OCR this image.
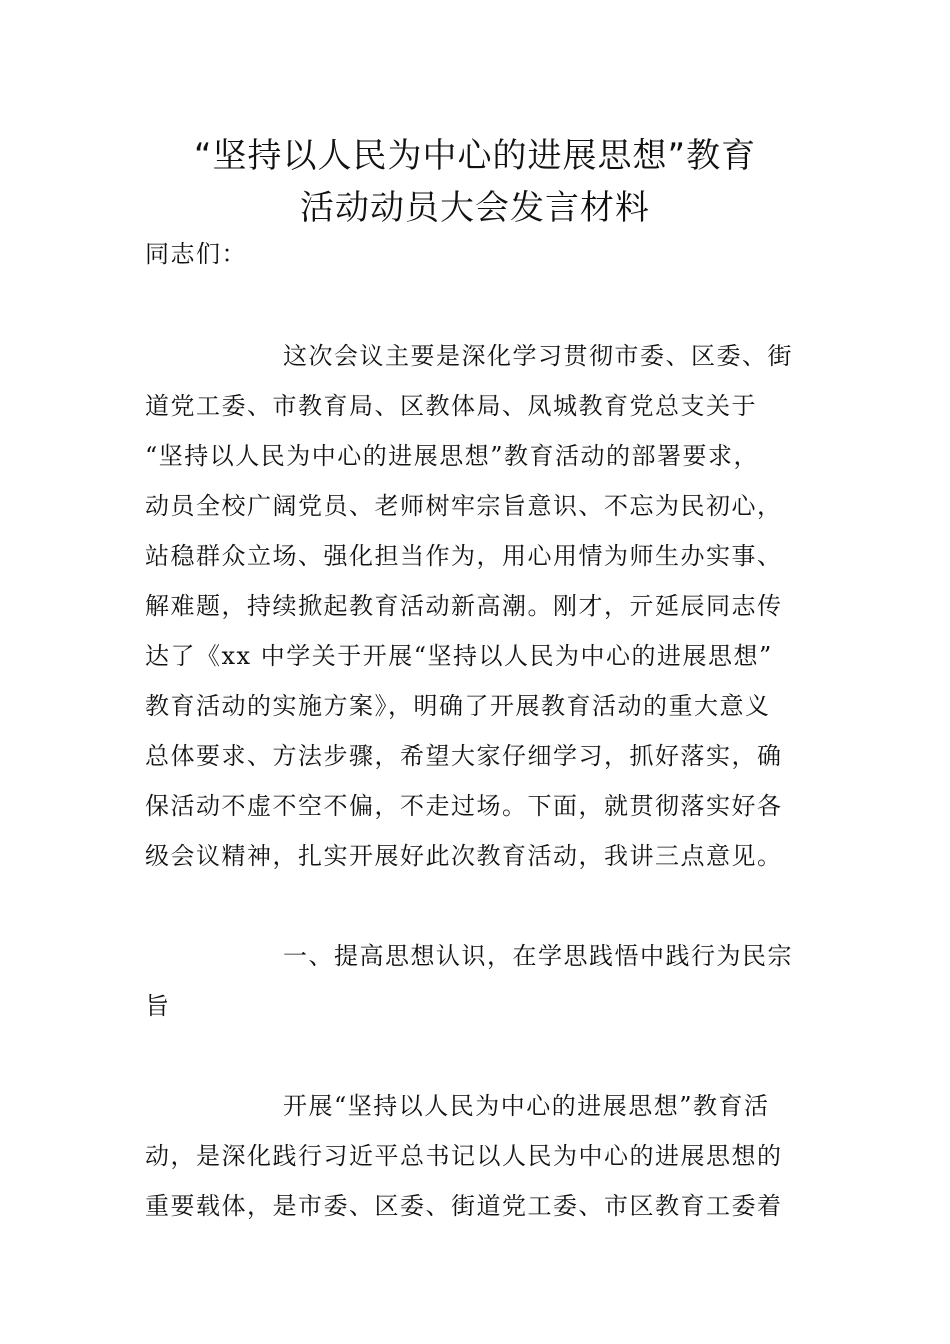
“坚持以人民为中心的进展思想”教育
活动动员大会发言材料

同志们：

这次会议主要是深化学习贯彻市委、区委、街

道党工委、市教育局、区教体局、凤城教育党总支关于

“坚持以人民为中心的进展思想”教育活动的部署要求，

动员全校广阔党员、老师树牢宗旨意识、不忘为民初心，

站稳群众立场、强化担当作为，用心用情为师生办实事、

解难题，持续掀起教育活动新高潮。刚才，亓延辰同志传

达了《xx 中学关于开展“坚持以人民为中心的进展思想”

教育活动的实施方案》，明确了开展教育活动的重大意义

总体要求、方法步骤，希望大家仔细学习，抓好落实，确

保活动不虚不空不偏，不走过场。下面，就贯彻落实好各

级会议精神，扎实开展好此次教育活动，我讲三点意见。

一、提高思想认识，在学思践悟中践行为民宗

旨

开展“坚持以人民为中心的进展思想”教育活

动，是深化践行习近平总书记以人民为中心的进展思想的

重要载体，是市委、区委、街道党工委、市区教育工委着
